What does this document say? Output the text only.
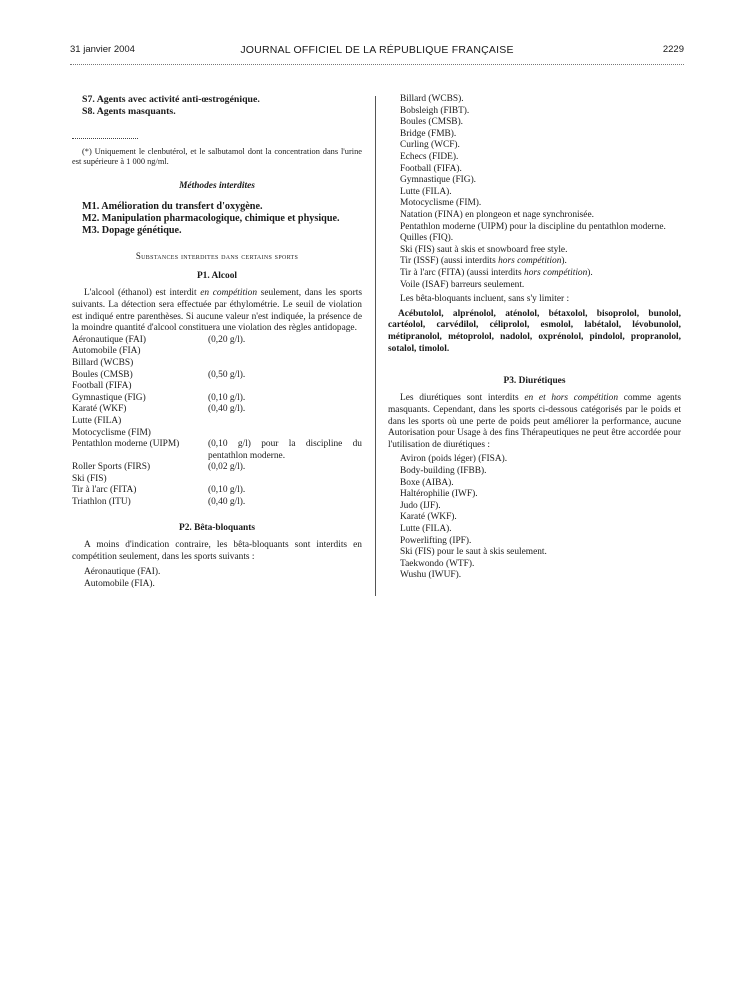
31 janvier 2004	JOURNAL OFFICIEL DE LA RÉPUBLIQUE FRANÇAISE	2229

S7. Agents avec activité anti-œstrogénique.

S8. Agents masquants.

(*) Uniquement le clenbutérol, et le salbutamol dont la concentration dans l'urine est supérieure à 1 000 ng/ml.

Méthodes interdites

M1. Amélioration du transfert d'oxygène.

M2. Manipulation pharmacologique, chimique et physique.

M3. Dopage génétique.

Substances interdites dans certains sports

P1. Alcool

L'alcool (éthanol) est interdit en compétition seulement, dans les sports suivants. La détection sera effectuée par éthylométrie. Le seuil de violation est indiqué entre parenthèses. Si aucune valeur n'est indiquée, la présence de la moindre quantité d'alcool constituera une violation des règles antidopage.

Aéronautique (FAI)	(0,20 g/l).
Automobile (FIA)	
Billard (WCBS)	
Boules (CMSB)	(0,50 g/l).
Football (FIFA)	
Gymnastique (FIG)	(0,10 g/l).
Karaté (WKF)	(0,40 g/l).
Lutte (FILA)	
Motocyclisme (FIM)	
Pentathlon moderne (UIPM)	(0,10 g/l) pour la discipline du pentathlon moderne.
Roller Sports (FIRS)	(0,02 g/l).
Ski (FIS)	
Tir à l'arc (FITA)	(0,10 g/l).
Triathlon (ITU)	(0,40 g/l).

P2. Bêta-bloquants

A moins d'indication contraire, les bêta-bloquants sont interdits en compétition seulement, dans les sports suivants :

Aéronautique (FAI).

Automobile (FIA).

Billard (WCBS).

Bobsleigh (FIBT).

Boules (CMSB).

Bridge (FMB).

Curling (WCF).

Echecs (FIDE).

Football (FIFA).

Gymnastique (FIG).

Lutte (FILA).

Motocyclisme (FIM).

Natation (FINA) en plongeon et nage synchronisée.

Pentathlon moderne (UIPM) pour la discipline du pentathlon moderne.

Quilles (FIQ).

Ski (FIS) saut à skis et snowboard free style.

Tir (ISSF) (aussi interdits hors compétition).

Tir à l'arc (FITA) (aussi interdits hors compétition).

Voile (ISAF) barreurs seulement.

Les bêta-bloquants incluent, sans s'y limiter :

Acébutolol, alprénolol, aténolol, bétaxolol, bisoprolol, bunolol, cartéolol, carvédilol, céliprolol, esmolol, labétalol, lévobunolol, métipranolol, métoprolol, nadolol, oxprénolol, pindolol, propranolol, sotalol, timolol.

P3. Diurétiques

Les diurétiques sont interdits en et hors compétition comme agents masquants. Cependant, dans les sports ci-dessous catégorisés par le poids et dans les sports où une perte de poids peut améliorer la performance, aucune Autorisation pour Usage à des fins Thérapeutiques ne peut être accordée pour l'utilisation de diurétiques :

Aviron (poids léger) (FISA).

Body-building (IFBB).

Boxe (AIBA).

Haltérophilie (IWF).

Judo (IJF).

Karaté (WKF).

Lutte (FILA).

Powerlifting (IPF).

Ski (FIS) pour le saut à skis seulement.

Taekwondo (WTF).

Wushu (IWUF).
